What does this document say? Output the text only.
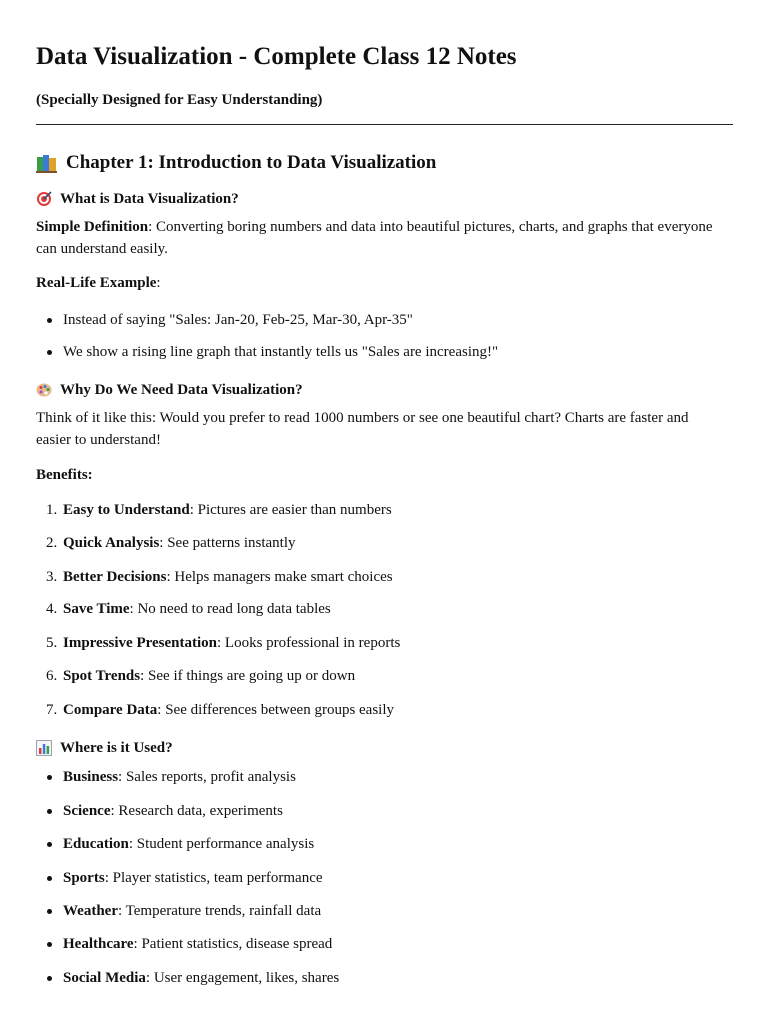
Data Visualization - Complete Class 12 Notes

(Specially Designed for Easy Understanding)

Chapter 1: Introduction to Data Visualization
What is Data Visualization?

Simple Definition: Converting boring numbers and data into beautiful pictures, charts, and graphs that everyone can understand easily.

Real-Life Example:
Instead of saying "Sales: Jan-20, Feb-25, Mar-30, Apr-35"
We show a rising line graph that instantly tells us "Sales are increasing!"
Why Do We Need Data Visualization?

Think of it like this: Would you prefer to read 1000 numbers or see one beautiful chart? Charts are faster and easier to understand!

Benefits:
1. Easy to Understand: Pictures are easier than numbers
2. Quick Analysis: See patterns instantly
3. Better Decisions: Helps managers make smart choices
4. Save Time: No need to read long data tables
5. Impressive Presentation: Looks professional in reports
6. Spot Trends: See if things are going up or down
7. Compare Data: See differences between groups easily
Where is it Used?
Business: Sales reports, profit analysis
Science: Research data, experiments
Education: Student performance analysis
Sports: Player statistics, team performance
Weather: Temperature trends, rainfall data
Healthcare: Patient statistics, disease spread
Social Media: User engagement, likes, shares
